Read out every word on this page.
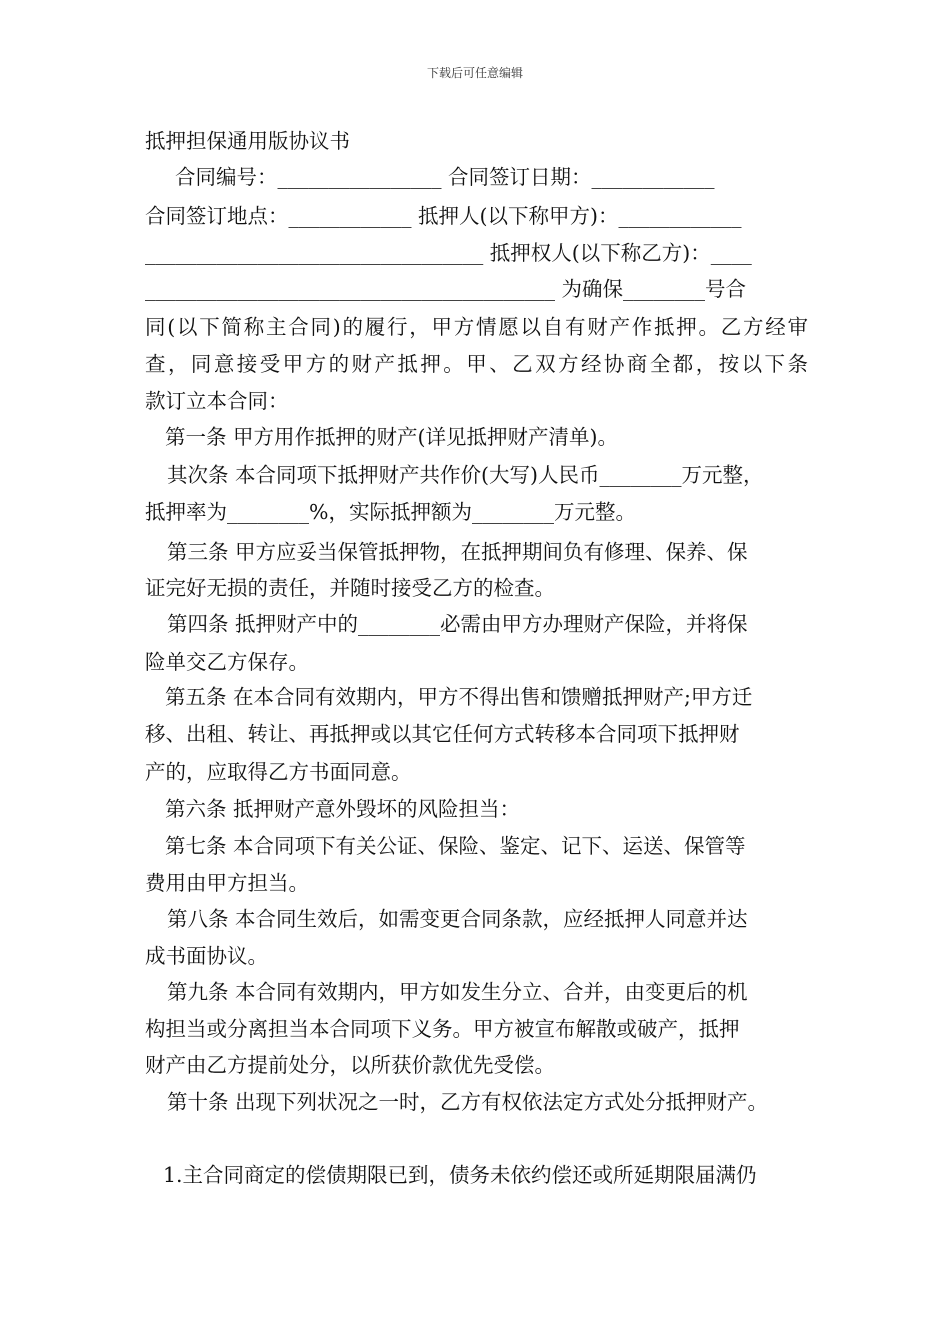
下载后可任意编辑
抵押担保通用版协议书
合同编号：________________ 合同签订日期：____________
合同签订地点：____________ 抵押人(以下称甲方)：____________
_________________________________ 抵押权人(以下称乙方)：____
________________________________________ 为确保________号合
同(以下简称主合同)的履行，甲方情愿以自有财产作抵押。乙方经审
查，同意接受甲方的财产抵押。甲、乙双方经协商全都，按以下条
款订立本合同：
第一条 甲方用作抵押的财产(详见抵押财产清单)。
其次条 本合同项下抵押财产共作价(大写)人民币________万元整，
抵押率为________%，实际抵押额为________万元整。
第三条 甲方应妥当保管抵押物，在抵押期间负有修理、保养、保
证完好无损的责任，并随时接受乙方的检查。
第四条 抵押财产中的________必需由甲方办理财产保险，并将保
险单交乙方保存。
第五条 在本合同有效期内，甲方不得出售和馈赠抵押财产;甲方迁
移、出租、转让、再抵押或以其它任何方式转移本合同项下抵押财
产的，应取得乙方书面同意。
第六条 抵押财产意外毁坏的风险担当：
第七条 本合同项下有关公证、保险、鉴定、记下、运送、保管等
费用由甲方担当。
第八条 本合同生效后，如需变更合同条款，应经抵押人同意并达
成书面协议。
第九条 本合同有效期内，甲方如发生分立、合并，由变更后的机
构担当或分离担当本合同项下义务。甲方被宣布解散或破产，抵押
财产由乙方提前处分，以所获价款优先受偿。
第十条 出现下列状况之一时，乙方有权依法定方式处分抵押财产。
1.主合同商定的偿债期限已到，债务未依约偿还或所延期限届满仍
